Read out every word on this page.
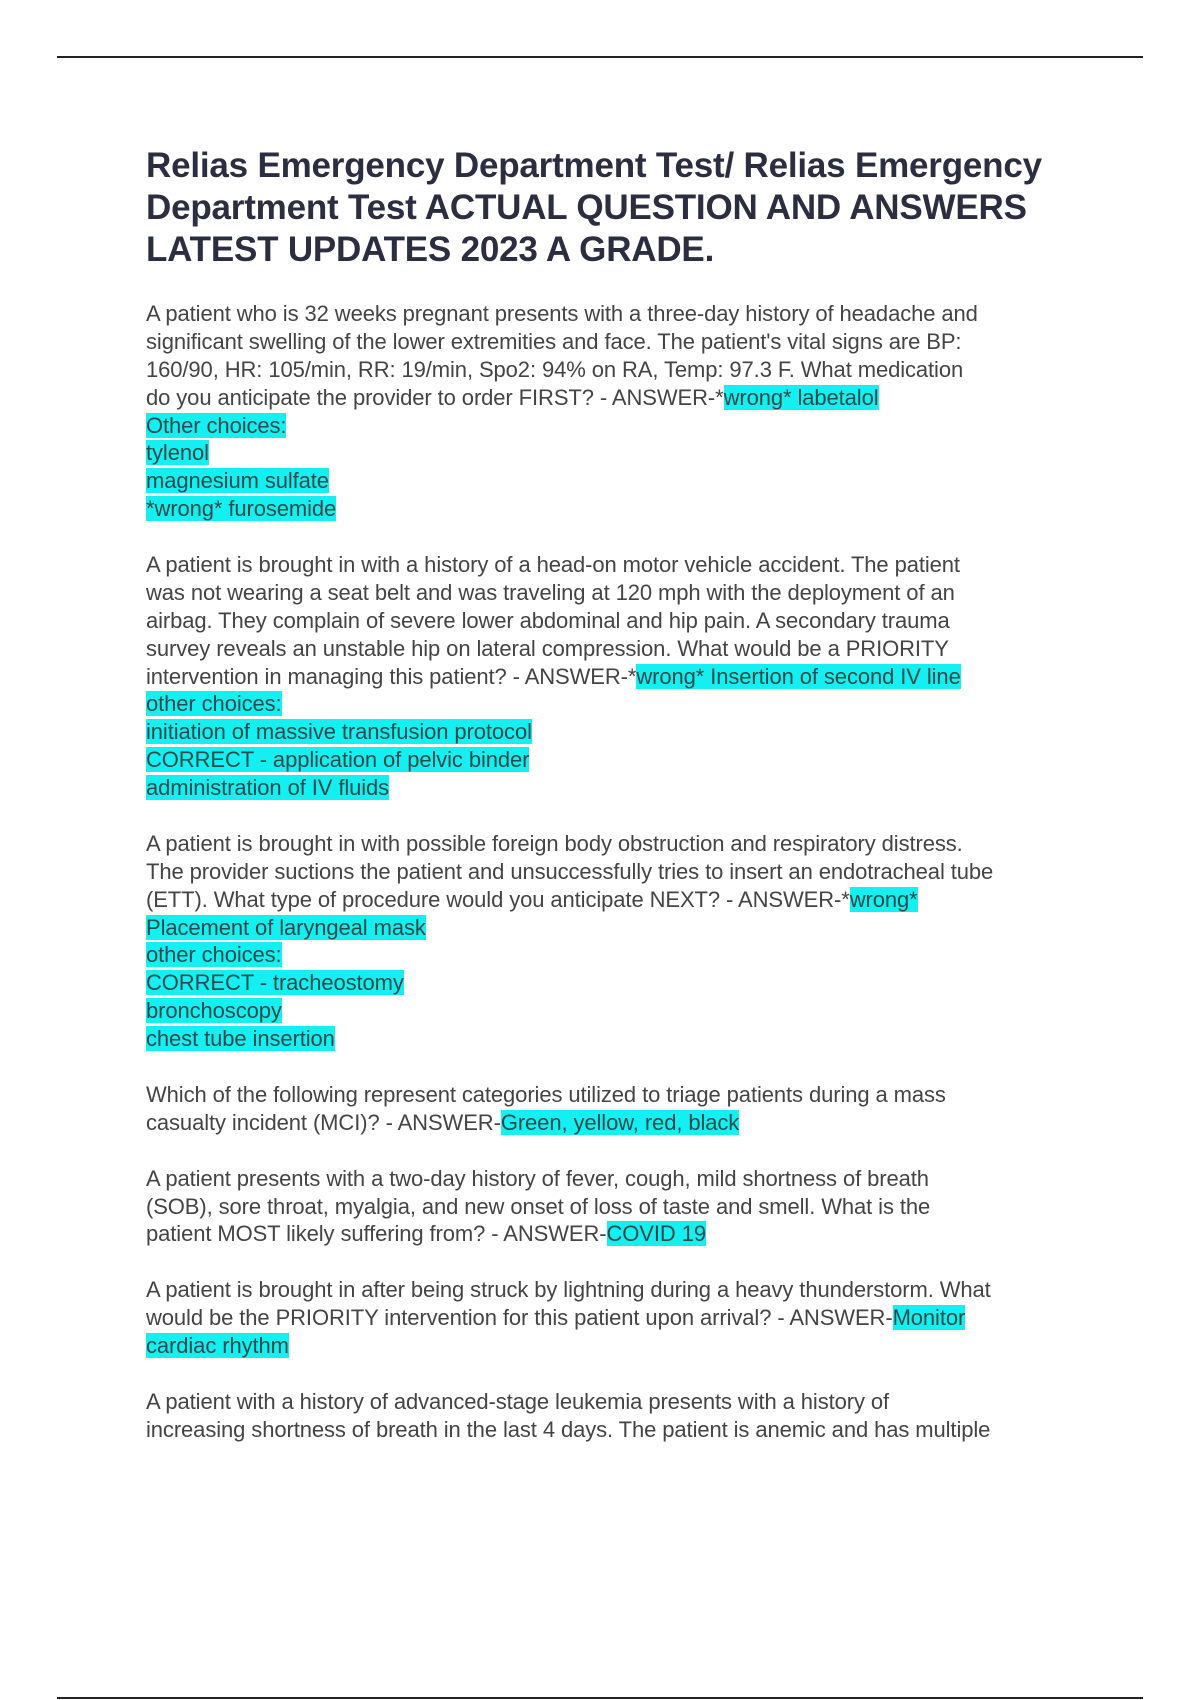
Relias Emergency Department Test/ Relias Emergency
Department Test ACTUAL QUESTION AND ANSWERS
LATEST UPDATES 2023 A GRADE.
A patient who is 32 weeks pregnant presents with a three-day history of headache and
significant swelling of the lower extremities and face. The patient's vital signs are BP:
160/90, HR: 105/min, RR: 19/min, Spo2: 94% on RA, Temp: 97.3 F. What medication
do you anticipate the provider to order FIRST? - ANSWER-*wrong* labetalol
Other choices:
tylenol
magnesium sulfate
*wrong* furosemide
A patient is brought in with a history of a head-on motor vehicle accident. The patient
was not wearing a seat belt and was traveling at 120 mph with the deployment of an
airbag. They complain of severe lower abdominal and hip pain. A secondary trauma
survey reveals an unstable hip on lateral compression. What would be a PRIORITY
intervention in managing this patient? - ANSWER-*wrong* Insertion of second IV line
other choices:
initiation of massive transfusion protocol
CORRECT - application of pelvic binder
administration of IV fluids
A patient is brought in with possible foreign body obstruction and respiratory distress.
The provider suctions the patient and unsuccessfully tries to insert an endotracheal tube
(ETT). What type of procedure would you anticipate NEXT? - ANSWER-*wrong*
Placement of laryngeal mask
other choices:
CORRECT - tracheostomy
bronchoscopy
chest tube insertion
Which of the following represent categories utilized to triage patients during a mass
casualty incident (MCI)? - ANSWER-Green, yellow, red, black
A patient presents with a two-day history of fever, cough, mild shortness of breath
(SOB), sore throat, myalgia, and new onset of loss of taste and smell. What is the
patient MOST likely suffering from? - ANSWER-COVID 19
A patient is brought in after being struck by lightning during a heavy thunderstorm. What
would be the PRIORITY intervention for this patient upon arrival? - ANSWER-Monitor
cardiac rhythm
A patient with a history of advanced-stage leukemia presents with a history of
increasing shortness of breath in the last 4 days. The patient is anemic and has multiple
